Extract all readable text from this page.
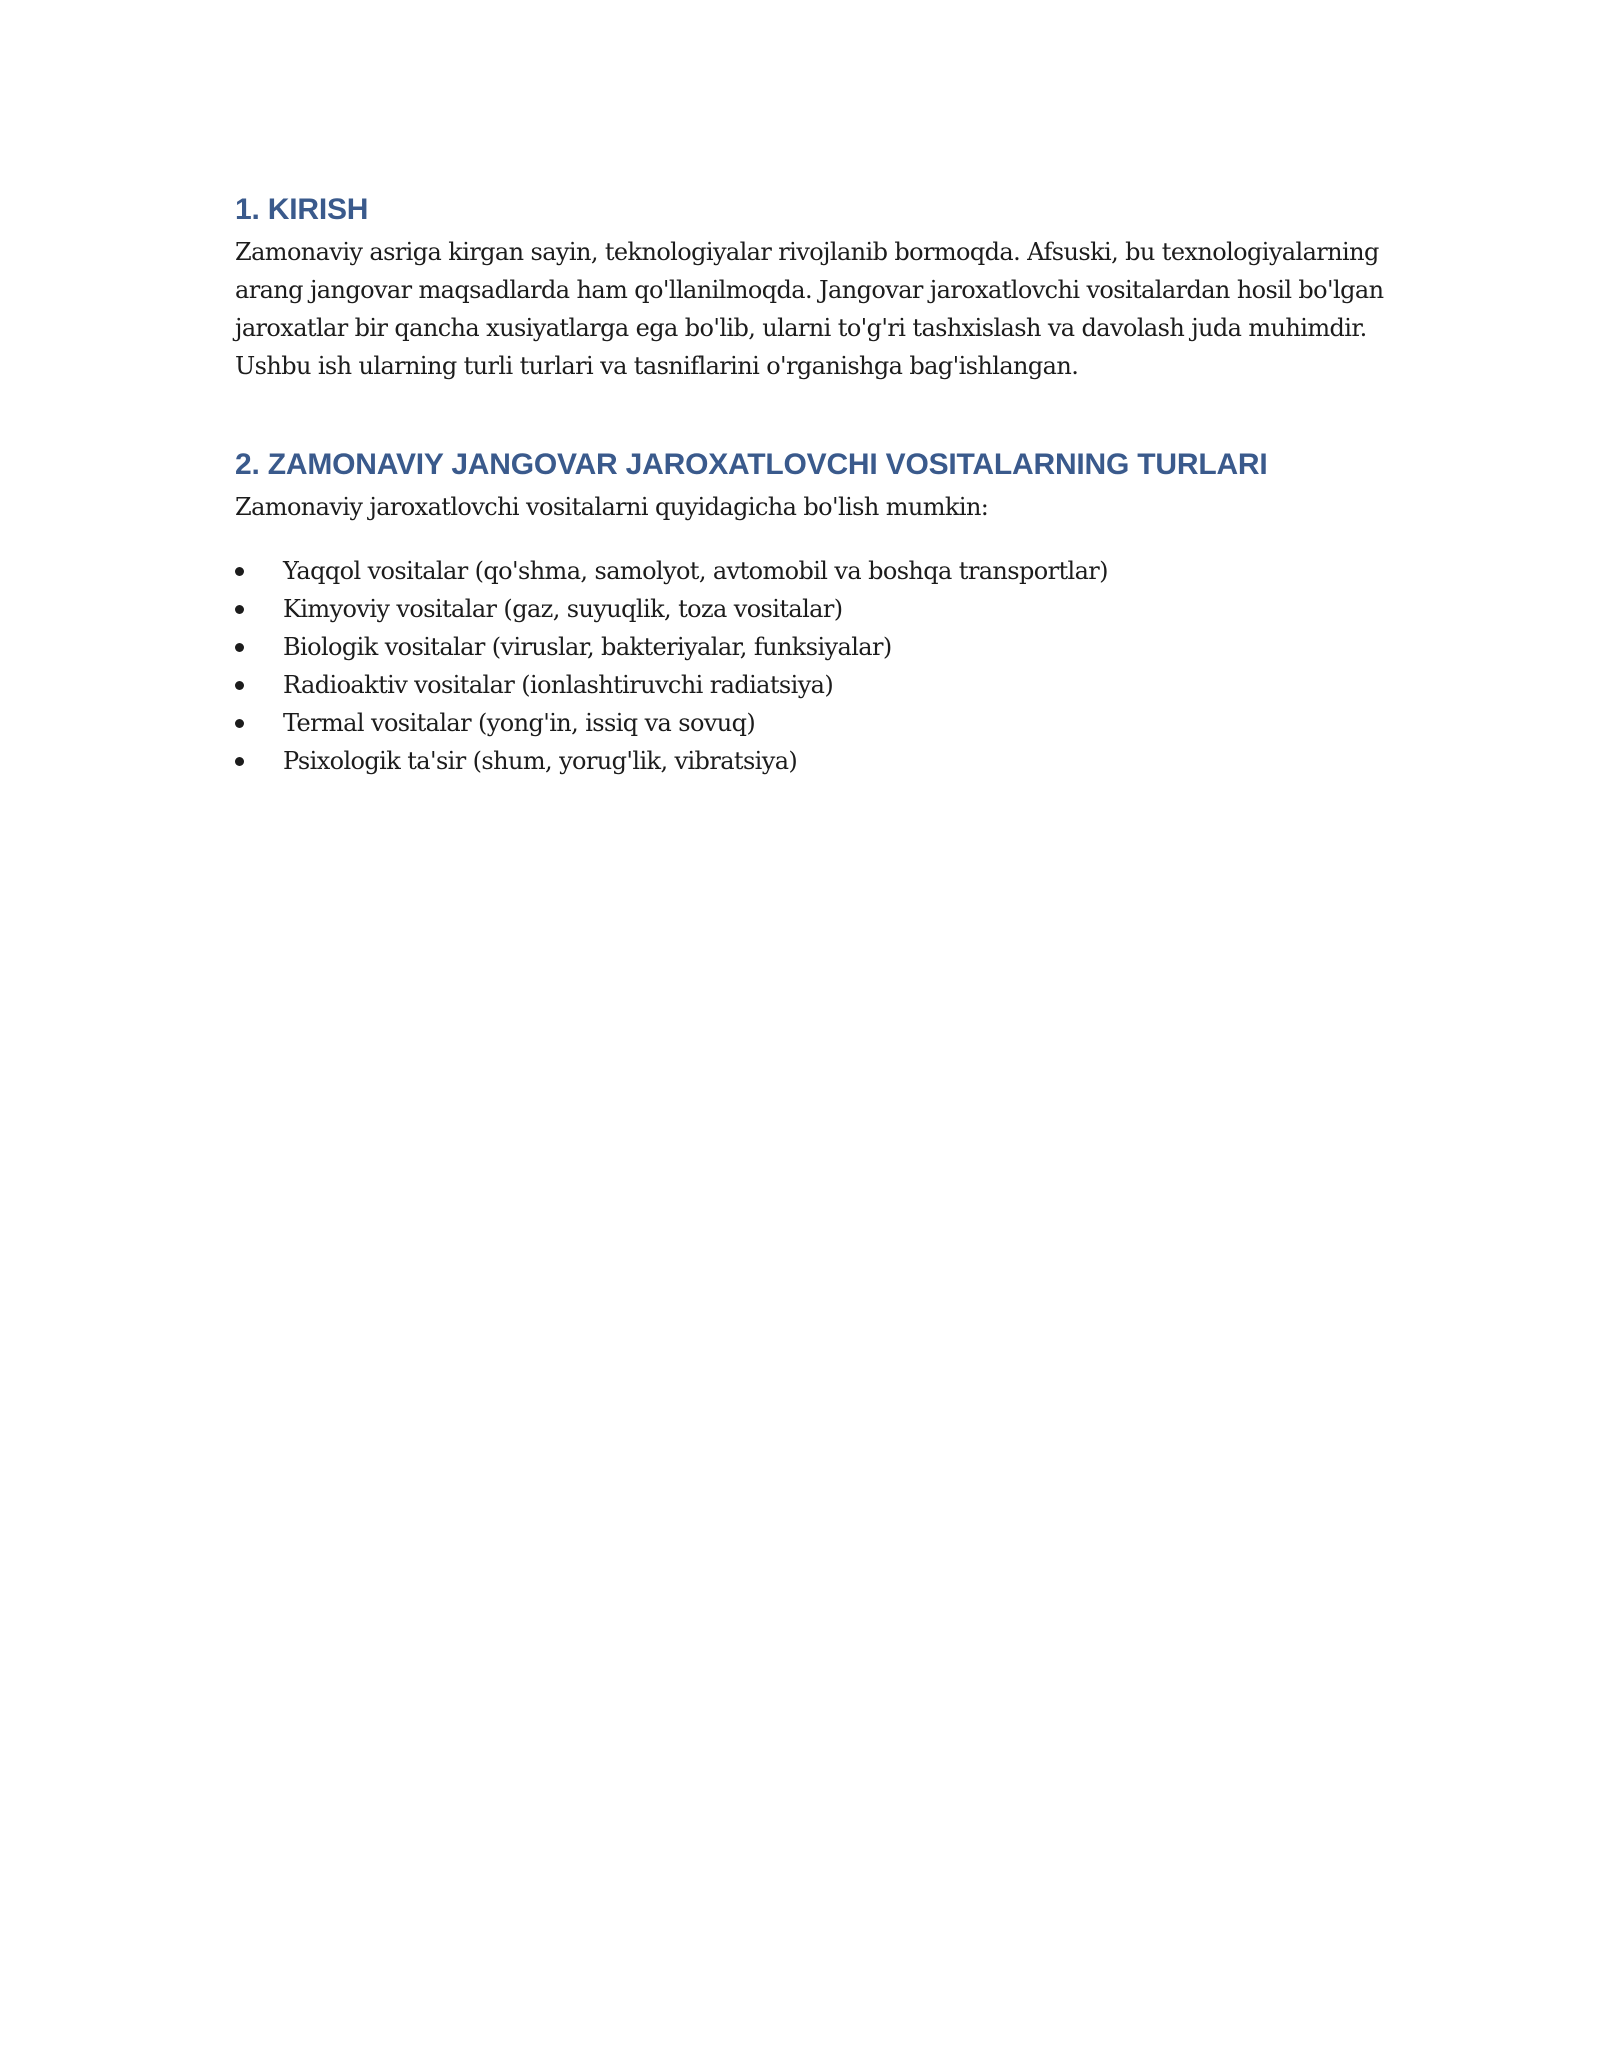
1. KIRISH

Zamonaviy asriga kirgan sayin, teknologiyalar rivojlanib bormoqda. Afsuski, bu texnologiyalarning arang jangovar maqsadlarda ham qo'llanilmoqda. Jangovar jaroxatlovchi vositalardan hosil bo'lgan jaroxatlar bir qancha xusiyatlarga ega bo'lib, ularni to'g'ri tashxislash va davolash juda muhimdir. Ushbu ish ularning turli turlari va tasniflarini o'rganishga bag'ishlangan.

2. ZAMONAVIY JANGOVAR JAROXATLOVCHI VOSITALARNING TURLARI

Zamonaviy jaroxatlovchi vositalarni quyidagicha bo'lish mumkin:

Yaqqol vositalar (qo'shma, samolyot, avtomobil va boshqa transportlar)
Kimyoviy vositalar (gaz, suyuqlik, toza vositalar)
Biologik vositalar (viruslar, bakteriyalar, funksiyalar)
Radioaktiv vositalar (ionlashtiruvchi radiatsiya)
Termal vositalar (yong'in, issiq va sovuq)
Psixologik ta'sir (shum, yorug'lik, vibratsiya)
